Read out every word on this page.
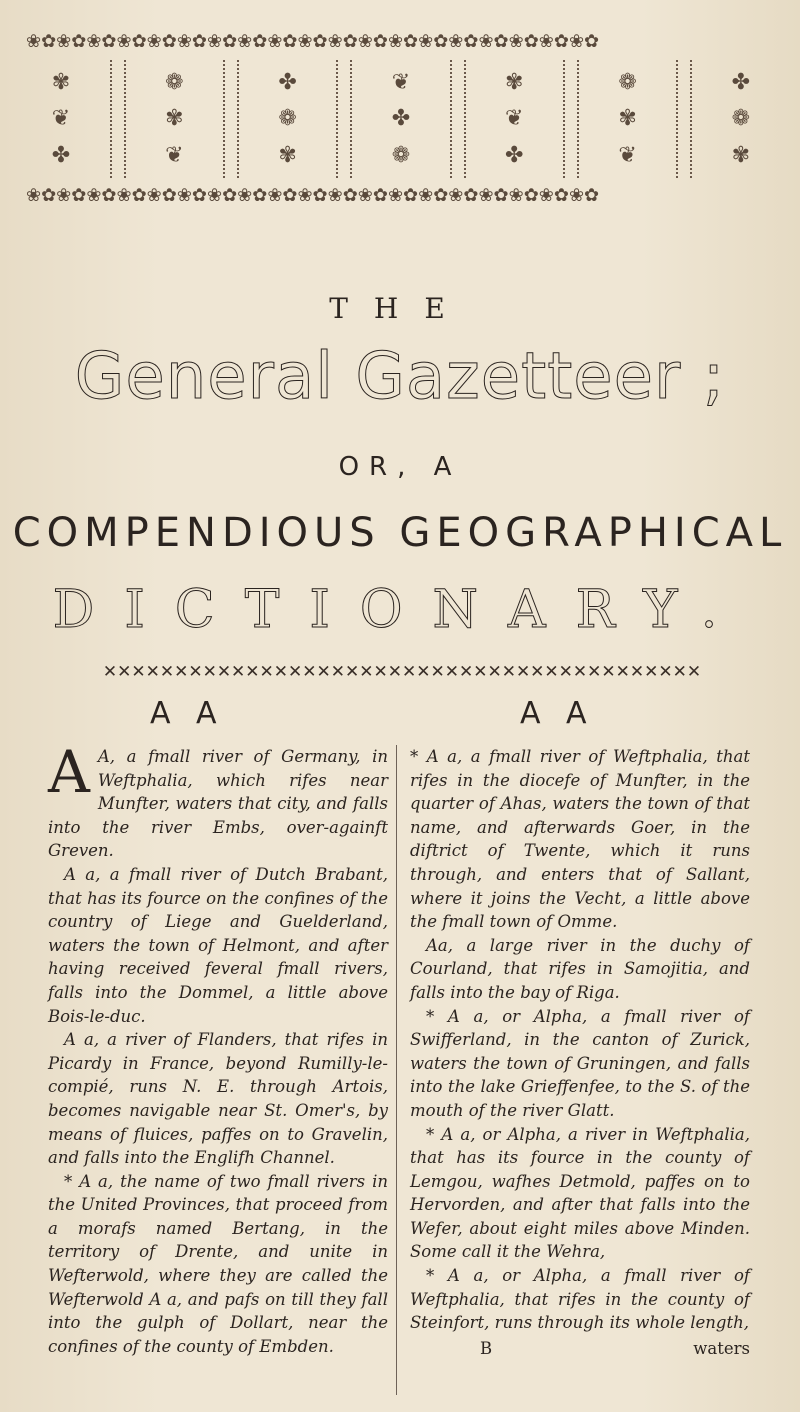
❀✿❀✿❀✿❀✿❀✿❀✿❀✿❀✿❀✿❀✿❀✿❀✿❀✿❀✿❀✿❀✿❀✿❀✿❀✿
✾
❦
✤
❁
✾
❦
✤
❁
✾
❦
✤
❁
✾
❦
✤
❁
✾
❦
✤
❁
✾
❀✿❀✿❀✿❀✿❀✿❀✿❀✿❀✿❀✿❀✿❀✿❀✿❀✿❀✿❀✿❀✿❀✿❀✿❀✿
THE
General Gazetteer ;
OR, A
COMPENDIOUS GEOGRAPHICAL
DICTIONARY.
✕✕✕✕✕✕✕✕✕✕✕✕✕✕✕✕✕✕✕✕✕✕✕✕✕✕✕✕✕✕✕✕✕✕✕✕✕✕✕✕✕✕
A A	A A

A A, a fmall river of Germany, in Weftphalia, which rifes near Munfter, waters that city, and falls into the river Embs, over-againft Greven.

A a, a fmall river of Dutch Brabant, that has its fource on the confines of the country of Liege and Guelderland, waters the town of Helmont, and after having received feveral fmall rivers, falls into the Dommel, a little above Bois-le-duc.

A a, a river of Flanders, that rifes in Picardy in France, beyond Rumilly-le-compié, runs N. E. through Artois, becomes navigable near St. Omer's, by means of fluices, paffes on to Gravelin, and falls into the Englifh Channel.

* A a, the name of two fmall rivers in the United Provinces, that proceed from a morafs named Bertang, in the territory of Drente, and unite in Wefterwold, where they are called the Wefterwold A a, and pafs on till they fall into the gulph of Dollart, near the confines of the county of Embden.

* A a, a fmall river of Weftphalia, that rifes in the diocefe of Munfter, in the quarter of Ahas, waters the town of that name, and afterwards Goer, in the diftrict of Twente, which it runs through, and enters that of Sallant, where it joins the Vecht, a little above the fmall town of Omme.

Aa, a large river in the duchy of Courland, that rifes in Samojitia, and falls into the bay of Riga.

* A a, or Alpha, a fmall river of Swifferland, in the canton of Zurick, waters the town of Gruningen, and falls into the lake Grieffenfee, to the S. of the mouth of the river Glatt.

* A a, or Alpha, a river in Weftphalia, that has its fource in the county of Lemgou, wafhes Detmold, paffes on to Hervorden, and after that falls into the Wefer, about eight miles above Minden. Some call it the Wehra,

* A a, or Alpha, a fmall river of Weftphalia, that rifes in the county of Steinfort, runs through its whole length,

B	waters
